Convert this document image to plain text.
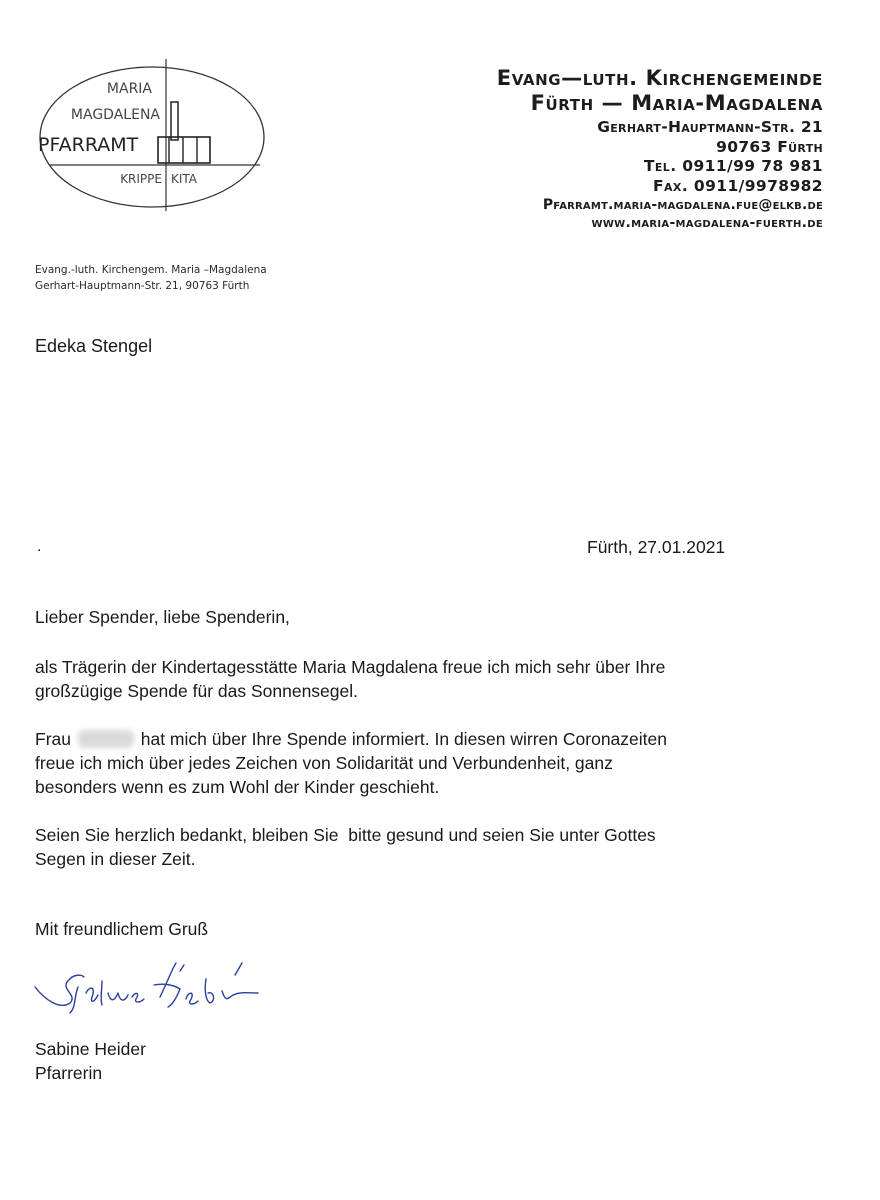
MARIA
MAGDALENA
PFARRAMT
KRIPPE KITA
Evang—luth. Kirchengemeinde
Fürth — Maria-Magdalena
Gerhart-Hauptmann-Str. 21
90763 Fürth
Tel. 0911/99 78 981
Fax. 0911/9978982
Pfarramt.maria-magdalena.fue@elkb.de
www.maria-magdalena-fuerth.de
Evang.-luth. Kirchengem. Maria –Magdalena
Gerhart-Hauptmann-Str. 21, 90763 Fürth
Edeka Stengel
.	Fürth, 27.01.2021
Lieber Spender, liebe Spenderin,
als Trägerin der Kindertagesstätte Maria Magdalena freue ich mich sehr über Ihre
großzügige Spende für das Sonnensegel.
Frau	hat mich über Ihre Spende informiert. In diesen wirren Coronazeiten
freue ich mich über jedes Zeichen von Solidarität und Verbundenheit, ganz
besonders wenn es zum Wohl der Kinder geschieht.
Seien Sie herzlich bedankt, bleiben Sie  bitte gesund und seien Sie unter Gottes
Segen in dieser Zeit.
Mit freundlichem Gruß
Sabine Heider
Pfarrerin
